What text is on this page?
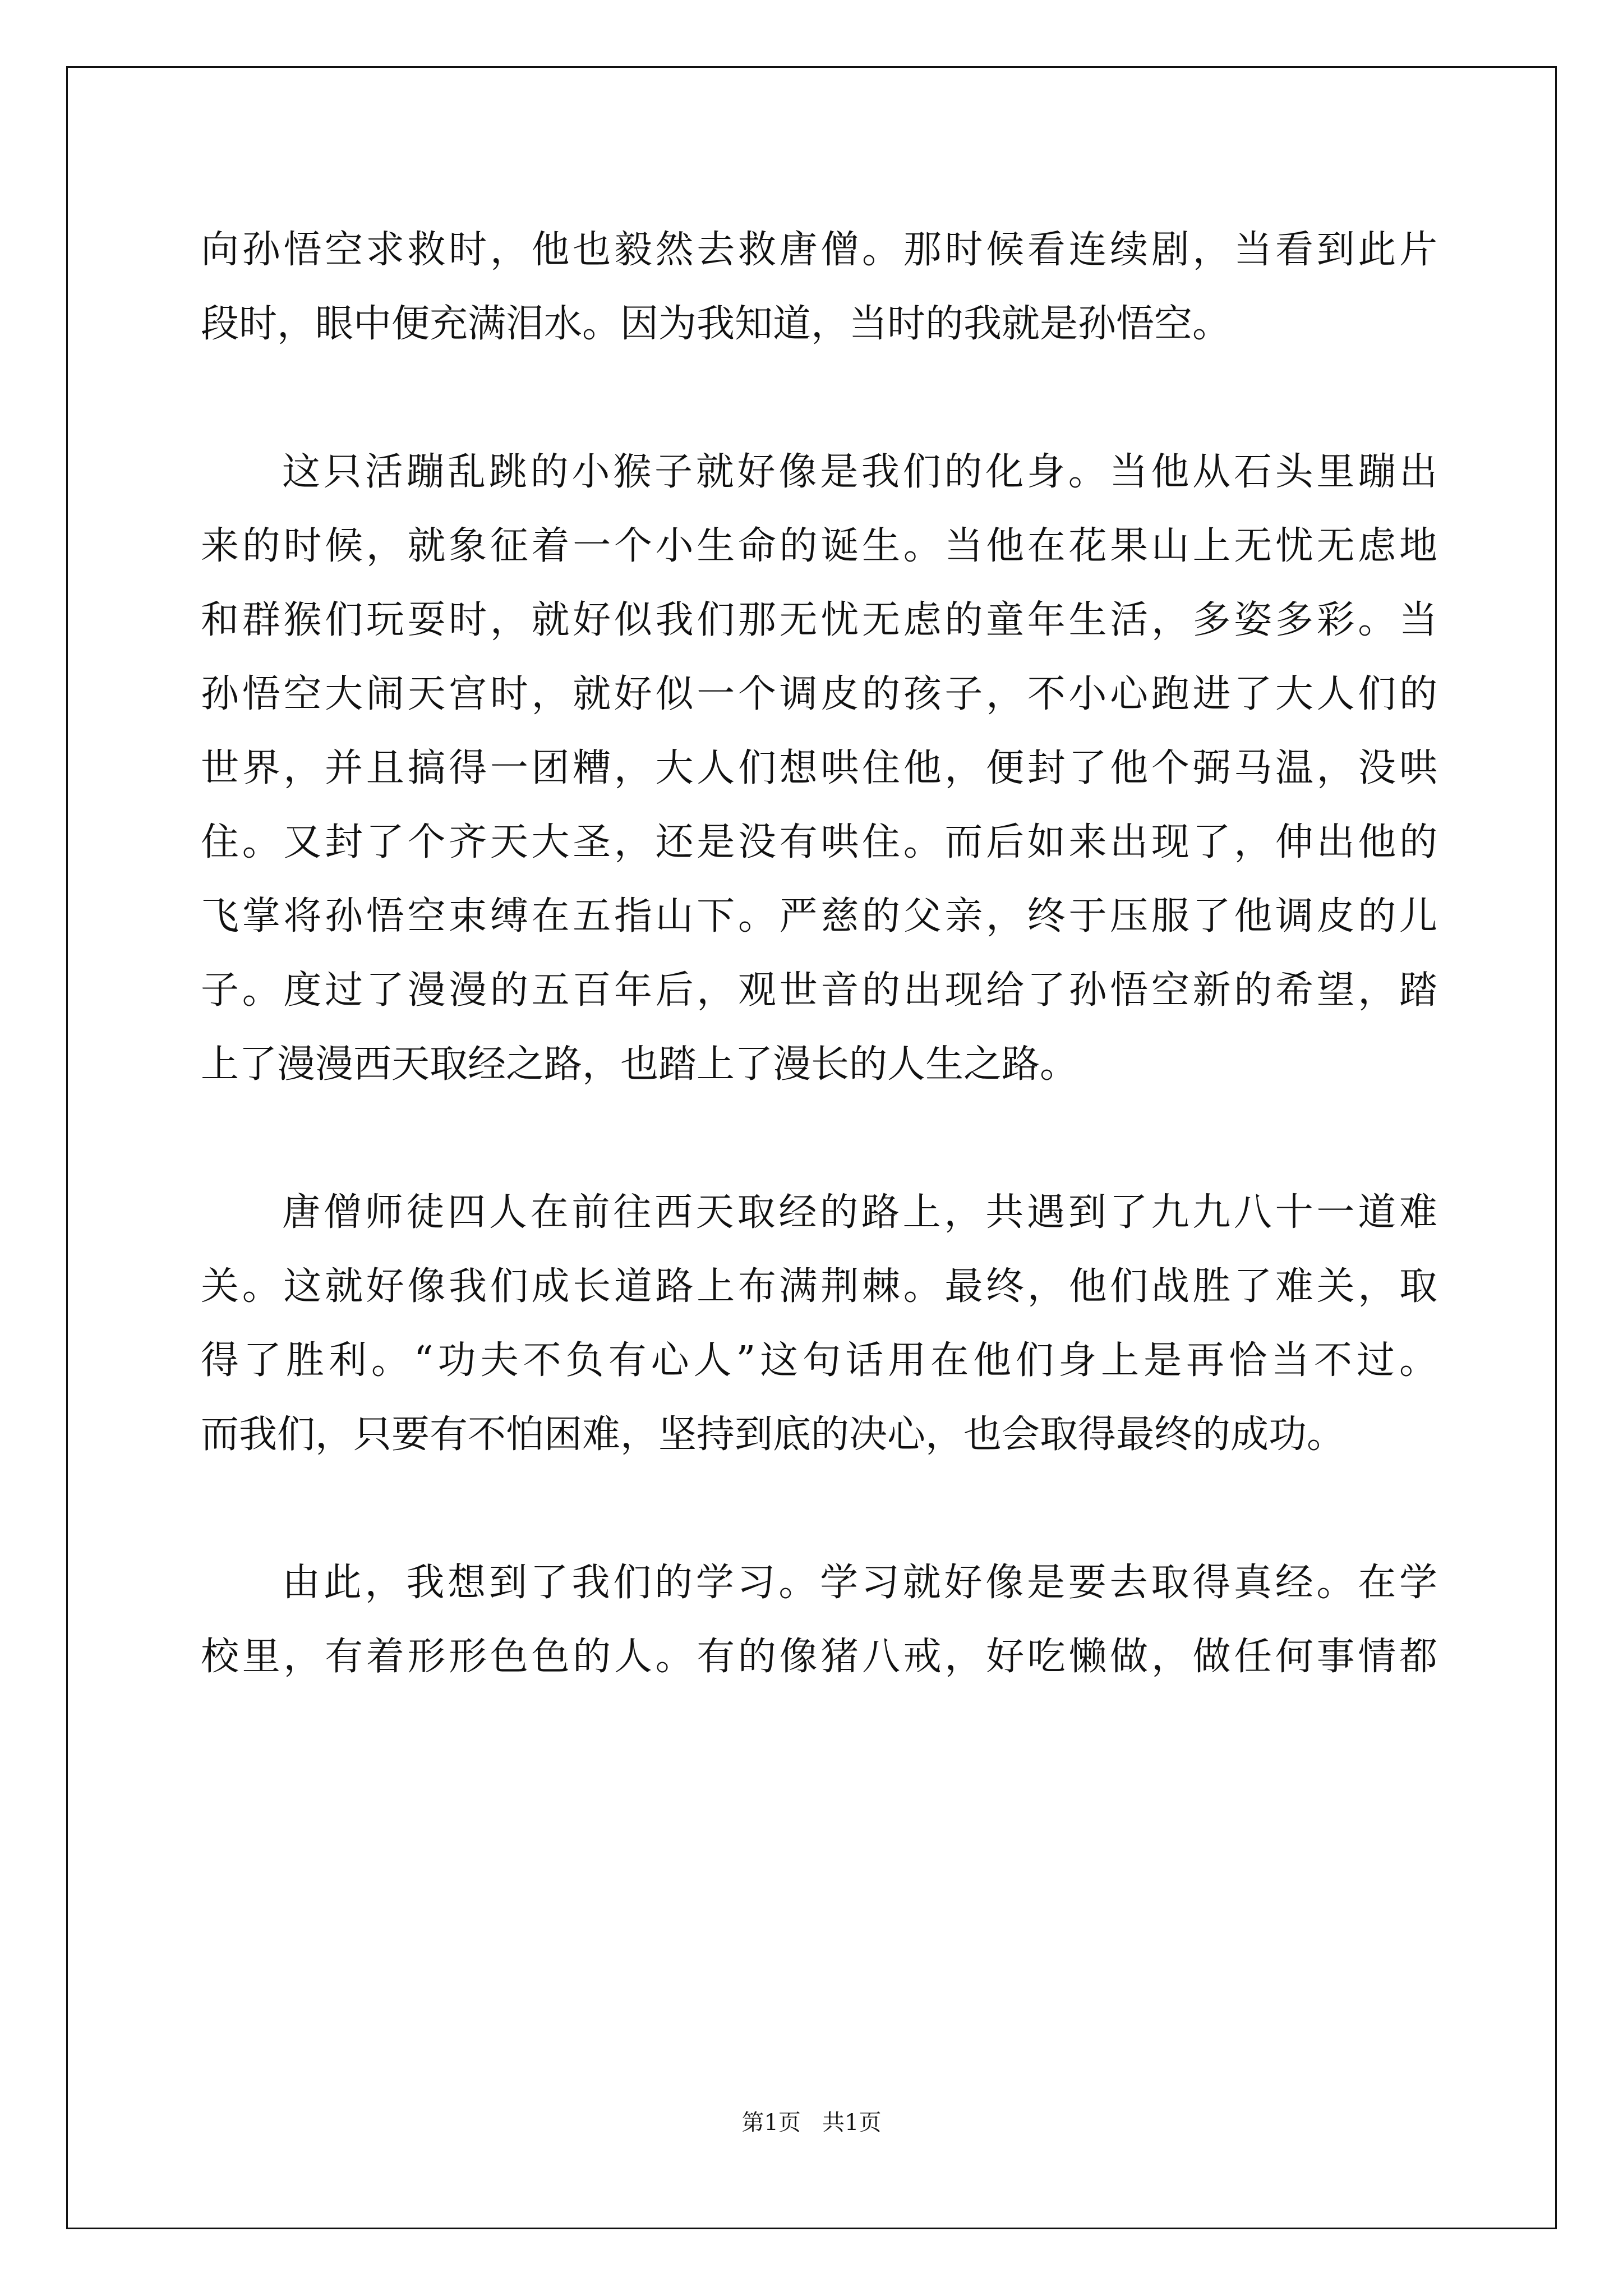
向孙悟空求救时，他也毅然去救唐僧。那时候看连续剧，当看到此片
段时，眼中便充满泪水。因为我知道，当时的我就是孙悟空。
这只活蹦乱跳的小猴子就好像是我们的化身。当他从石头里蹦出
来的时候，就象征着一个小生命的诞生。当他在花果山上无忧无虑地
和群猴们玩耍时，就好似我们那无忧无虑的童年生活，多姿多彩。当
孙悟空大闹天宫时，就好似一个调皮的孩子，不小心跑进了大人们的
世界，并且搞得一团糟，大人们想哄住他，便封了他个弼马温，没哄
住。又封了个齐天大圣，还是没有哄住。而后如来出现了，伸出他的
飞掌将孙悟空束缚在五指山下。严慈的父亲，终于压服了他调皮的儿
子。度过了漫漫的五百年后，观世音的出现给了孙悟空新的希望，踏
上了漫漫西天取经之路，也踏上了漫长的人生之路。
唐僧师徒四人在前往西天取经的路上，共遇到了九九八十一道难
关。这就好像我们成长道路上布满荆棘。最终，他们战胜了难关，取
得了胜利。“功夫不负有心人”这句话用在他们身上是再恰当不过。
而我们，只要有不怕困难，坚持到底的决心，也会取得最终的成功。
由此，我想到了我们的学习。学习就好像是要去取得真经。在学
校里，有着形形色色的人。有的像猪八戒，好吃懒做，做任何事情都
第1页   共1页
